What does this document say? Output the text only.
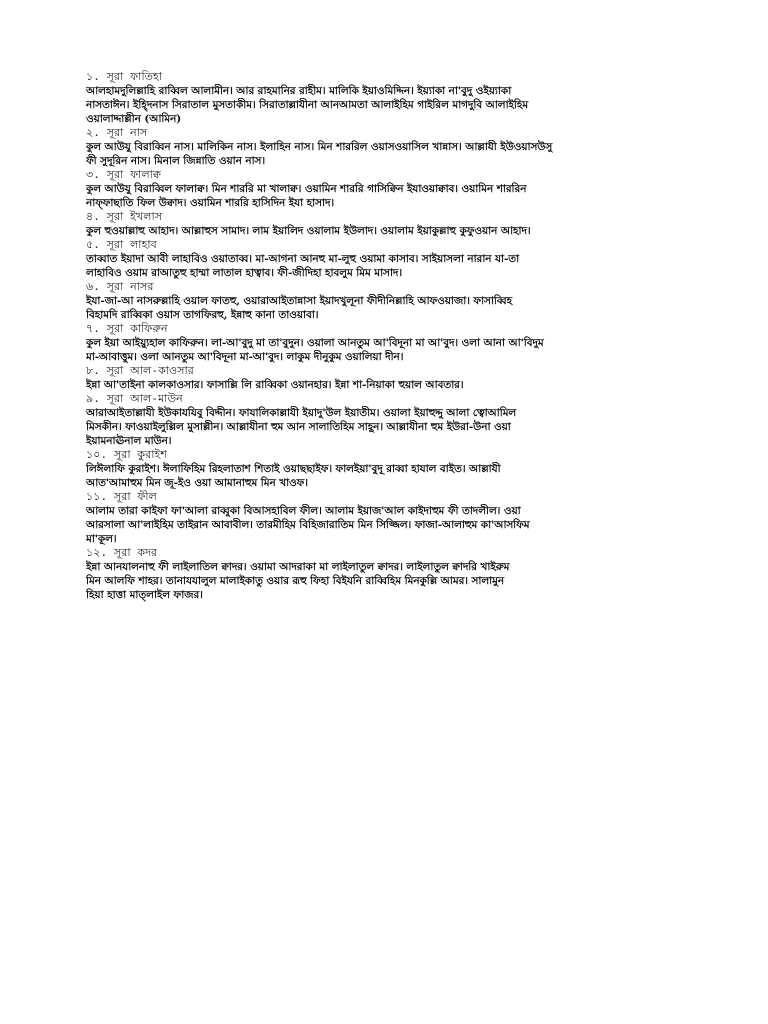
১. সূরা ফাতিহা
আলহামদুলিল্লাহি রাব্বিল আলামীন। আর রাহমানির রাহীম। মালিকি ইয়াওমিদ্দিন। ইয়্যাকা না'বুদু ওইয়্যাকা
নাসতাঈন। ইহ্দিনাস সিরাতাল মুসতাকীম। সিরাতাল্লাযীনা আনআমতা আলাইহিম গাইরিল মাগদুবি আলাইহিম
ওয়ালাদ্দাল্লীন (আমিন)
২. সূরা নাস
কুল আউযু বিরাব্বিন নাস। মালিকিন নাস। ইলাহিন নাস। মিন শাররিল ওয়াসওয়াসিল খান্নাস। আল্লাযী ইউওয়াসউসু
ফী সুদূরিন নাস। মিনাল জিন্নাতি ওয়ান নাস।
৩. সূরা ফালাক্ব
কুল আউযু বিরাব্বিল ফালাক্ব। মিন শাররি মা খালাক্ব। ওয়ামিন শাররি গাসিক্বিন ইযাওয়াক্বাব। ওয়ামিন শাররিন
নাফ্ফাছাতি ফিল উক্বাদ। ওয়ামিন শাররি হাসিদিন ইযা হাসাদ।
৪. সূরা ইখলাস
কুল হুওয়াল্লাহু আহাদ। আল্লাহুস সামাদ। লাম ইয়ালিদ ওয়ালাম ইউলাদ। ওয়ালাম ইয়াকুল্লাহু কুফুওয়ান আহাদ।
৫. সূরা লাহাব
তাব্বাত ইয়াদা আবী লাহাবিও ওয়াতাব্ব। মা-আগনা আনহু মা-লুহু ওয়ামা কাসাব। সাইয়াসলা নারান যা-তা
লাহাবিও ওয়াম রাআতুহু হাম্মা লাতাল হাত্বাব। ফী-জীদিহা হাবলুম মিম মাসাদ।
৬. সূরা নাসর
ইযা-জা-আ নাসরুল্লাহি ওয়াল ফাতহু, ওয়ারাআইতান্নাসা ইয়াদখুলূনা ফীদীনিল্লাহি আফওয়াজা। ফাসাব্বিহ
বিহামদি রাব্বিকা ওয়াস তাগফিরহু, ইন্নাহু কানা তাওয়াবা।
৭. সূরা কাফিরুন
কুল ইয়া আইয়্যুহাল কাফিরুন। লা-আ'বুদু মা তা'বুদুন। ওয়ালা আনতুম আ'বিদূনা মা আ'বুদ। ওলা আনা আ'বিদুম
মা-আবাত্তুম। ওলা আনতুম আ'বিদূনা মা-আ'বুদ। লাকুম দীনুকুম ওয়ালিয়া দীন।
৮. সূরা আল-কাওসার
ইন্না আ'তাইনা কালকাওসার। ফাসাল্লি লি রাব্বিকা ওয়ানহার। ইন্না শা-নিয়াকা হুয়াল আবতার।
৯. সূরা আল-মাউন
আরাআইতাল্লাযী ইউকাযযিবু বিদ্দীন। ফাযালিকাল্লাযী ইয়াদু'উল ইয়াতীম। ওয়ালা ইয়াহুদ্দু আলা ত্বোআমিল
মিসকীন। ফাওয়াইলুল্লিল মুসাল্লীন। আল্লাযীনা হুম আন সালাতিহিম সাহূন। আল্লাযীনা হুম ইউরা-উনা ওয়া
ইয়ামনাঊনাল মাউন।
১০. সূরা কুরাইশ
লিঈলাফি কুরাইশ। ঈলাফিহিম রিহলাতাশ শিতাই ওয়াছছাইফ। ফালইয়া'বুদূ রাব্বা হাযাল বাইত। আল্লাযী
আত'আমাহুম মিন জূ-ইও ওয়া আমানাহুম মিন খাওফ।
১১. সূরা ফীল
আলাম তারা কাইফা ফা'আলা রাব্বুকা বিআসহাবিল ফীল। আলাম ইয়াজ'আল কাইদাহুম ফী তাদলীল। ওয়া
আরসালা আ'লাইহিম তাইরান আবাবীল। তারমীহিম বিহিজারাতিম মিন সিজ্জিল। ফাজা-আলাহুম কা'আসফিম
মা'কূল।
১২. সূরা কদর
ইন্না আনযালনাহু ফী লাইলাতিল ক্বাদর। ওয়ামা আদরাকা মা লাইলাতুল ক্বাদর। লাইলাতুল ক্বাদরি খাইরুম
মিন আলফি শাহর। তানাযযালুল মালাইকাতু ওয়ার রূহু ফিহা বিইযনি রাব্বিহিম মিনকুল্লি আমর। সালামুন
হিয়া হাত্তা মাত্লাইল ফাজর।
